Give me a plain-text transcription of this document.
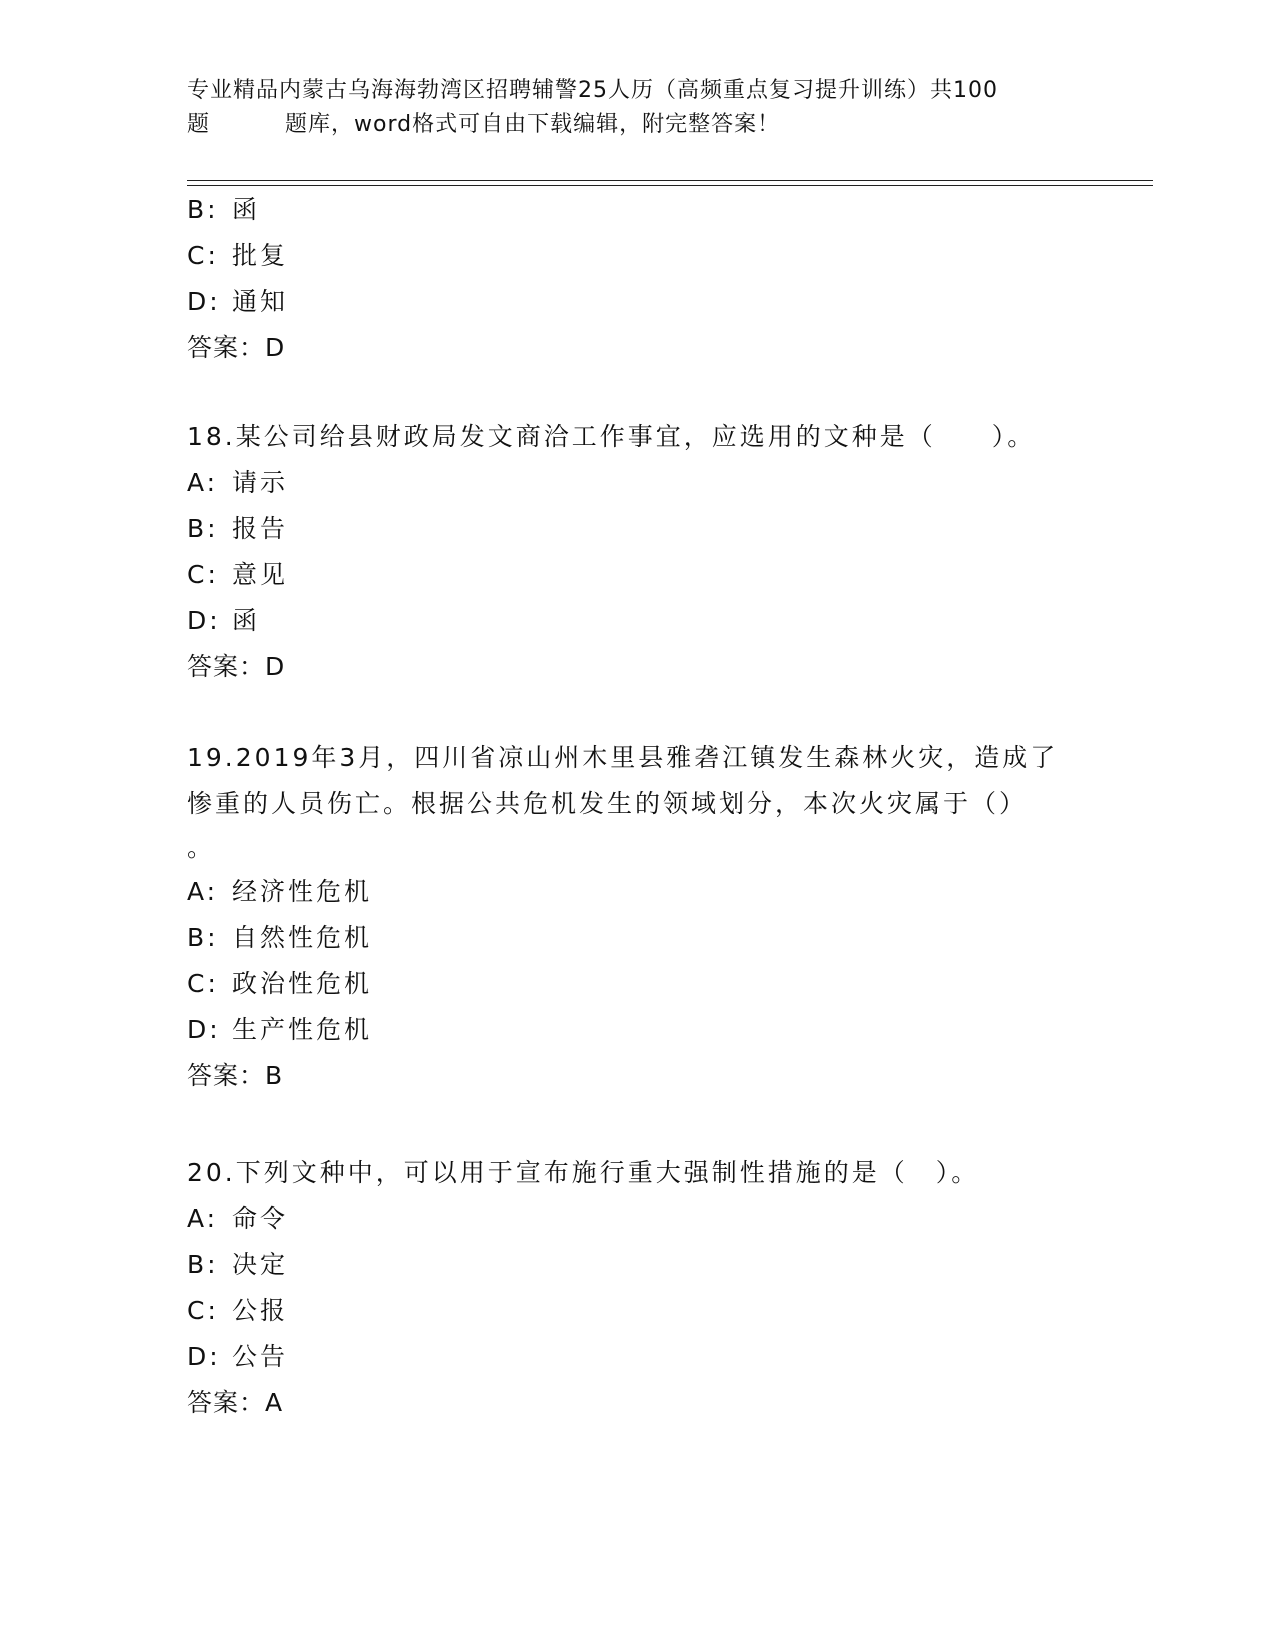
专业精品内蒙古乌海海勃湾区招聘辅警25人历（高频重点复习提升训练）共100

题	题库，word格式可自由下载编辑，附完整答案！
B: 函
C: 批复
D: 通知
答案：D
18.某公司给县财政局发文商洽工作事宜，应选用的文种是（　　）。
A: 请示
B: 报告
C: 意见
D: 函
答案：D
19.2019年3月，四川省凉山州木里县雅砻江镇发生森林火灾，造成了
惨重的人员伤亡。根据公共危机发生的领域划分，本次火灾属于（）
。
A: 经济性危机
B: 自然性危机
C: 政治性危机
D: 生产性危机
答案：B
20.下列文种中，可以用于宣布施行重大强制性措施的是（　）。
A: 命令
B: 决定
C: 公报
D: 公告
答案：A
